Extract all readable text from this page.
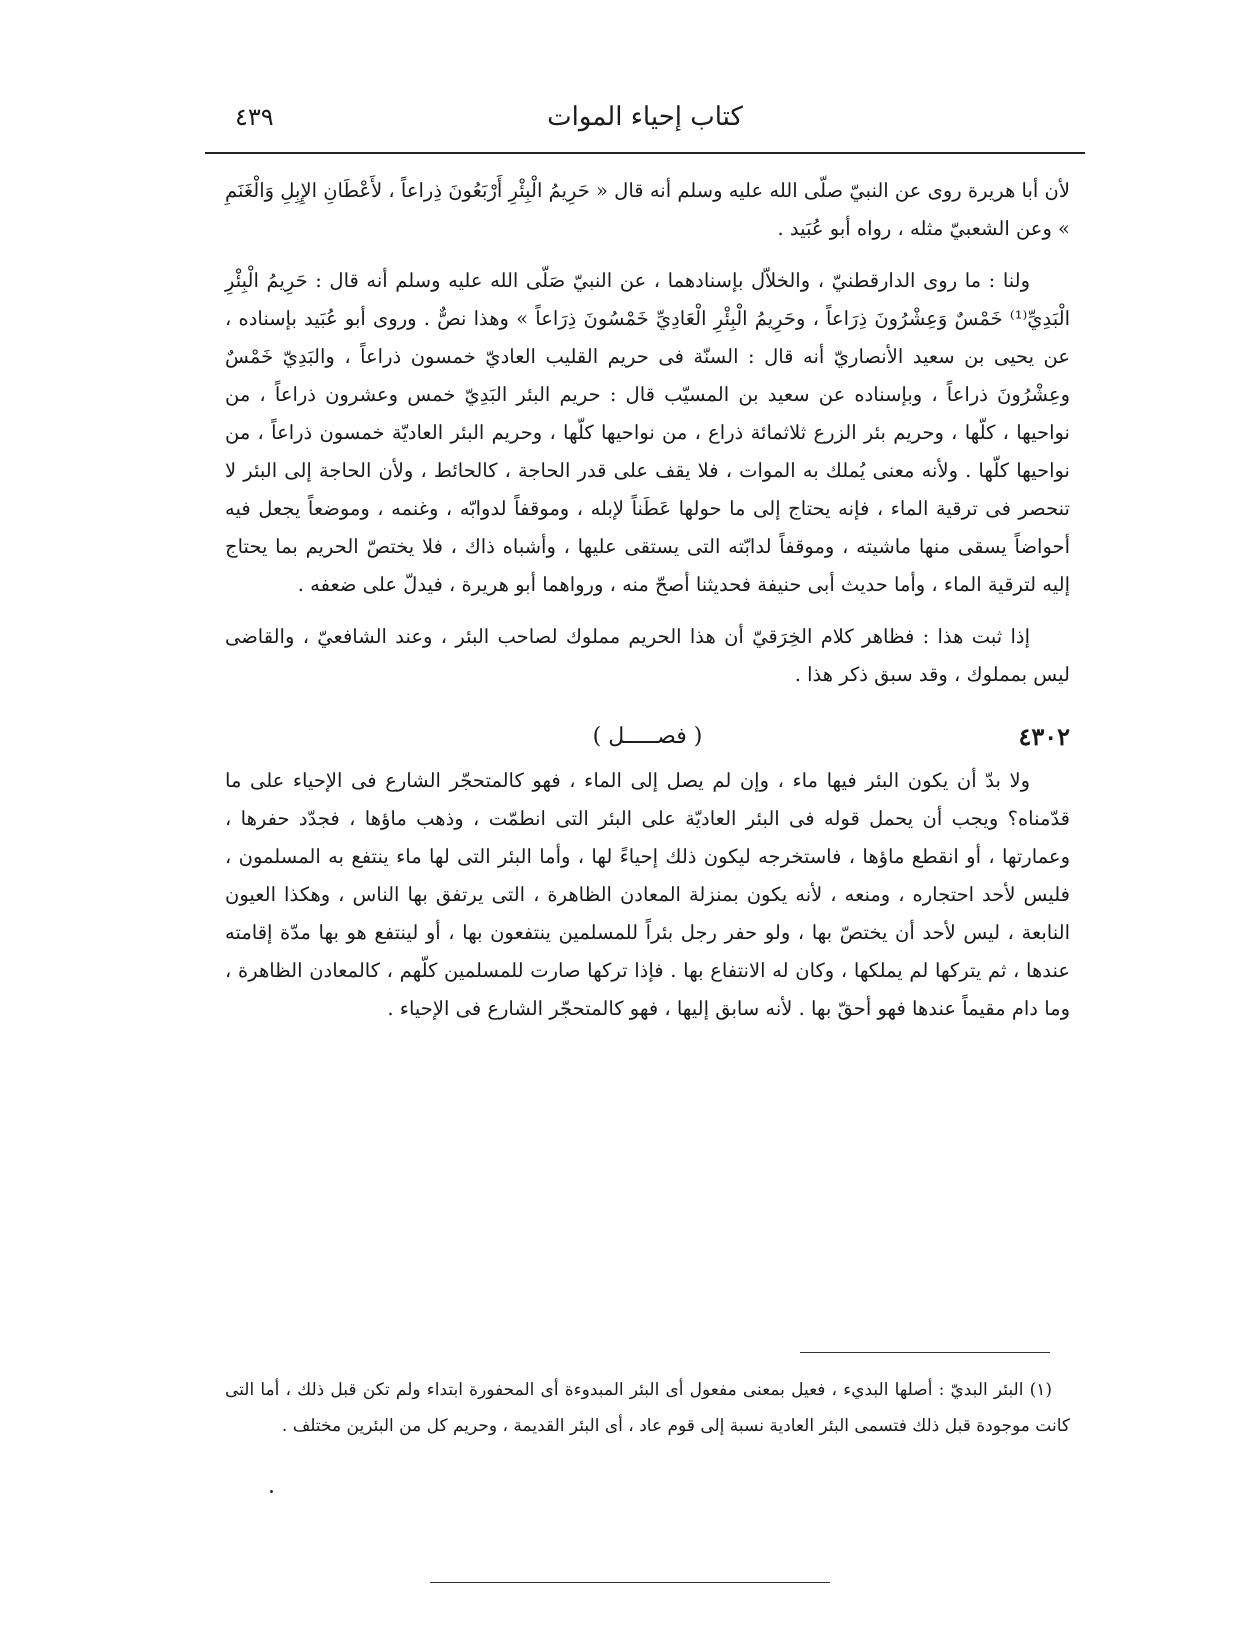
كتاب إحياء الموات
٤٣٩

لأن أبا هريرة روى عن النبيّ صلّى الله عليه وسلم أنه قال « حَرِيمُ الْبِئْرِ أَرْبَعُونَ ذِراعاً ، لأَعْطَانِ الإِبِلِ وَالْغَنَمِ » وعن الشعبيّ مثله ، رواه أبو عُبَيد .

ولنا : ما روى الدارقطنيّ ، والخلاّل بإسنادهما ، عن النبيّ صَلّى الله عليه وسلم أنه قال : حَرِيمُ الْبِئْرِ الْبَدِيِّ⁽¹⁾ خَمْسٌ وَعِشْرُونَ ذِرَاعاً ، وحَرِيمُ الْبِئْرِ الْعَادِيِّ خَمْسُونَ ذِرَاعاً » وهذا نصٌّ . وروى أبو عُبَيد بإسناده ، عن يحيى بن سعيد الأنصاريّ أنه قال : السنّة فى حريم القليب العاديّ خمسون ذراعاً ، والبَدِيّ خَمْسٌ وعِشْرُونَ ذراعاً ، وبإسناده عن سعيد بن المسيّب قال : حريم البئر البَدِيّ خمس وعشرون ذراعاً ، من نواحيها ، كلّها ، وحريم بئر الزرع ثلاثمائة ذراع ، من نواحيها كلّها ، وحريم البئر العاديّة خمسون ذراعاً ، من نواحيها كلّها . ولأنه معنى يُملك به الموات ، فلا يقف على قدر الحاجة ، كالحائط ، ولأن الحاجة إلى البئر لا تنحصر فى ترقية الماء ، فإنه يحتاج إلى ما حولها عَطَناً لإبله ، وموقفاً لدوابّه ، وغنمه ، وموضعاً يجعل فيه أحواضاً يسقى منها ماشيته ، وموقفاً لدابّته التى يستقى عليها ، وأشباه ذاك ، فلا يختصّ الحريم بما يحتاج إليه لترقية الماء ، وأما حديث أبى حنيفة فحديثنا أصحّ منه ، ورواهما أبو هريرة ، فيدلّ على ضعفه .

إذا ثبت هذا : فظاهر كلام الخِرَقيّ أن هذا الحريم مملوك لصاحب البئر ، وعند الشافعيّ ، والقاضى ليس بمملوك ، وقد سبق ذكر هذا .

٤٣٠٢
( فصـــــل )

ولا بدّ أن يكون البئر فيها ماء ، وإن لم يصل إلى الماء ، فهو كالمتحجّر الشارع فى الإحياء على ما قدّمناه؟ ويجب أن يحمل قوله فى البئر العاديّة على البئر التى انطمّت ، وذهب ماؤها ، فجدّد حفرها ، وعمارتها ، أو انقطع ماؤها ، فاستخرجه ليكون ذلك إحياءً لها ، وأما البئر التى لها ماء ينتفع به المسلمون ، فليس لأحد احتجاره ، ومنعه ، لأنه يكون بمنزلة المعادن الظاهرة ، التى يرتفق بها الناس ، وهكذا العيون النابعة ، ليس لأحد أن يختصّ بها ، ولو حفر رجل بئراً للمسلمين ينتفعون بها ، أو لينتفع هو بها مدّة إقامته عندها ، ثم يتركها لم يملكها ، وكان له الانتفاع بها . فإذا تركها صارت للمسلمين كلّهم ، كالمعادن الظاهرة ، وما دام مقيماً عندها فهو أحقّ بها . لأنه سابق إليها ، فهو كالمتحجّر الشارع فى الإحياء .

(١) البئر البديّ : أصلها البديء ، فعيل بمعنى مفعول أى البئر المبدوءة أى المحفورة ابتداء ولم تكن قبل ذلك ، أما التى كانت موجودة قبل ذلك فتسمى البئر العادية نسبة إلى قوم عاد ، أى البئر القديمة ، وحريم كل من البئرين مختلف .
